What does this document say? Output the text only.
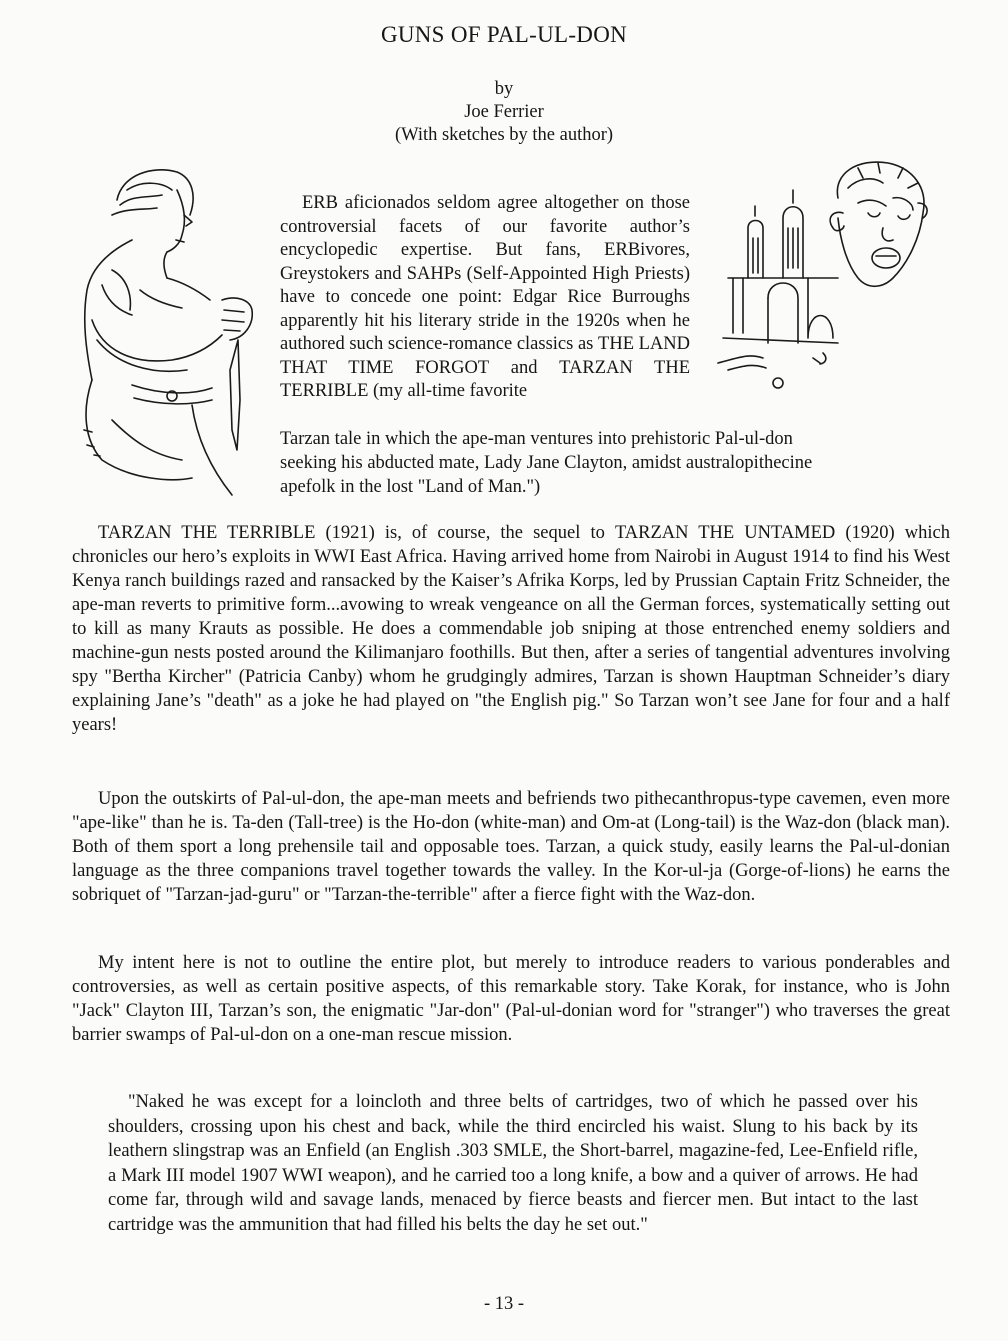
GUNS OF PAL-UL-DON
by
Joe Ferrier
(With sketches by the author)
ERB aficionados seldom agree altogether on those controversial facets of our favorite author’s encyclopedic expertise. But fans, ERBivores, Greystokers and SAHPs (Self-Appointed High Priests) have to concede one point: Edgar Rice Burroughs apparently hit his literary stride in the 1920s when he authored such science-romance classics as THE LAND THAT TIME FORGOT and TARZAN THE TERRIBLE (my all-time favorite
Tarzan tale in which the ape-man ventures into prehistoric Pal-ul-don
seeking his abducted mate, Lady Jane Clayton, amidst australopithecine
apefolk in the lost "Land of Man.")
TARZAN THE TERRIBLE (1921) is, of course, the sequel to TARZAN THE UNTAMED (1920) which chronicles our hero’s exploits in WWI East Africa. Having arrived home from Nairobi in August 1914 to find his West Kenya ranch buildings razed and ransacked by the Kaiser’s Afrika Korps, led by Prussian Captain Fritz Schneider, the ape-man reverts to primitive form...avowing to wreak vengeance on all the German forces, systematically setting out to kill as many Krauts as possible. He does a commendable job sniping at those entrenched enemy soldiers and machine-gun nests posted around the Kilimanjaro foothills. But then, after a series of tangential adventures involving spy "Bertha Kircher" (Patricia Canby) whom he grudgingly admires, Tarzan is shown Hauptman Schneider’s diary explaining Jane’s "death" as a joke he had played on "the English pig." So Tarzan won’t see Jane for four and a half years!
Upon the outskirts of Pal-ul-don, the ape-man meets and befriends two pithecanthropus-type cavemen, even more "ape-like" than he is. Ta-den (Tall-tree) is the Ho-don (white-man) and Om-at (Long-tail) is the Waz-don (black man). Both of them sport a long prehensile tail and opposable toes. Tarzan, a quick study, easily learns the Pal-ul-donian language as the three companions travel together towards the valley. In the Kor-ul-ja (Gorge-of-lions) he earns the sobriquet of "Tarzan-jad-guru" or "Tarzan-the-terrible" after a fierce fight with the Waz-don.
My intent here is not to outline the entire plot, but merely to introduce readers to various ponderables and controversies, as well as certain positive aspects, of this remarkable story. Take Korak, for instance, who is John "Jack" Clayton III, Tarzan’s son, the enigmatic "Jar-don" (Pal-ul-donian word for "stranger") who traverses the great barrier swamps of Pal-ul-don on a one-man rescue mission.
"Naked he was except for a loincloth and three belts of cartridges, two of which he passed over his shoulders, crossing upon his chest and back, while the third encircled his waist. Slung to his back by its leathern slingstrap was an Enfield (an English .303 SMLE, the Short-barrel, magazine-fed, Lee-Enfield rifle, a Mark III model 1907 WWI weapon), and he carried too a long knife, a bow and a quiver of arrows. He had come far, through wild and savage lands, menaced by fierce beasts and fiercer men. But intact to the last cartridge was the ammunition that had filled his belts the day he set out."
- 13 -
